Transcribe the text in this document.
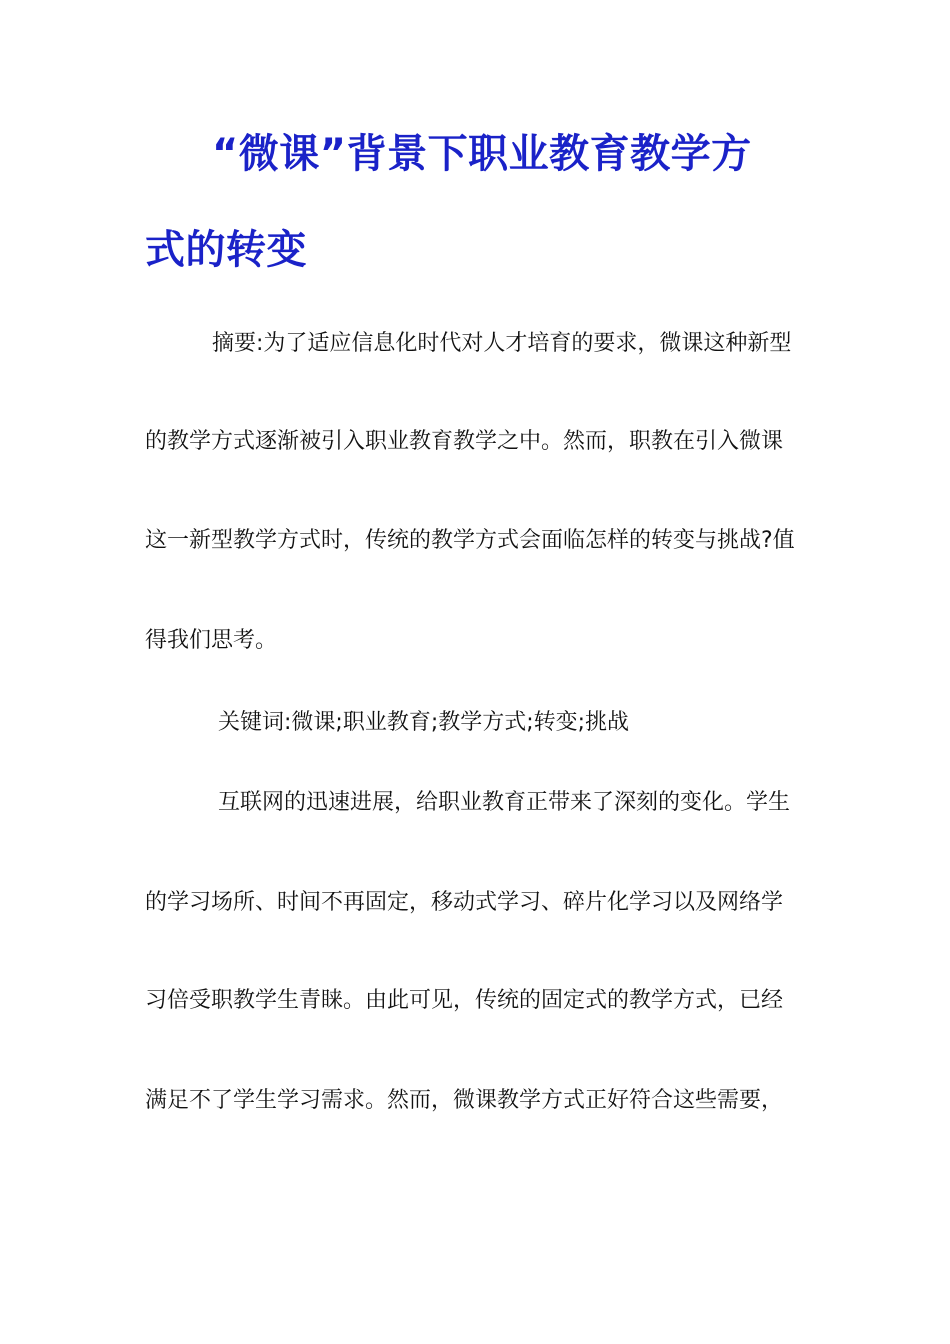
“微课”背景下职业教育教学方
式的转变
摘要:为了适应信息化时代对人才培育的要求，微课这种新型
的教学方式逐渐被引入职业教育教学之中。然而，职教在引入微课
这一新型教学方式时，传统的教学方式会面临怎样的转变与挑战?值
得我们思考。
关键词:微课;职业教育;教学方式;转变;挑战
互联网的迅速进展，给职业教育正带来了深刻的变化。学生
的学习场所、时间不再固定，移动式学习、碎片化学习以及网络学
习倍受职教学生青睐。由此可见，传统的固定式的教学方式，已经
满足不了学生学习需求。然而，微课教学方式正好符合这些需要，
